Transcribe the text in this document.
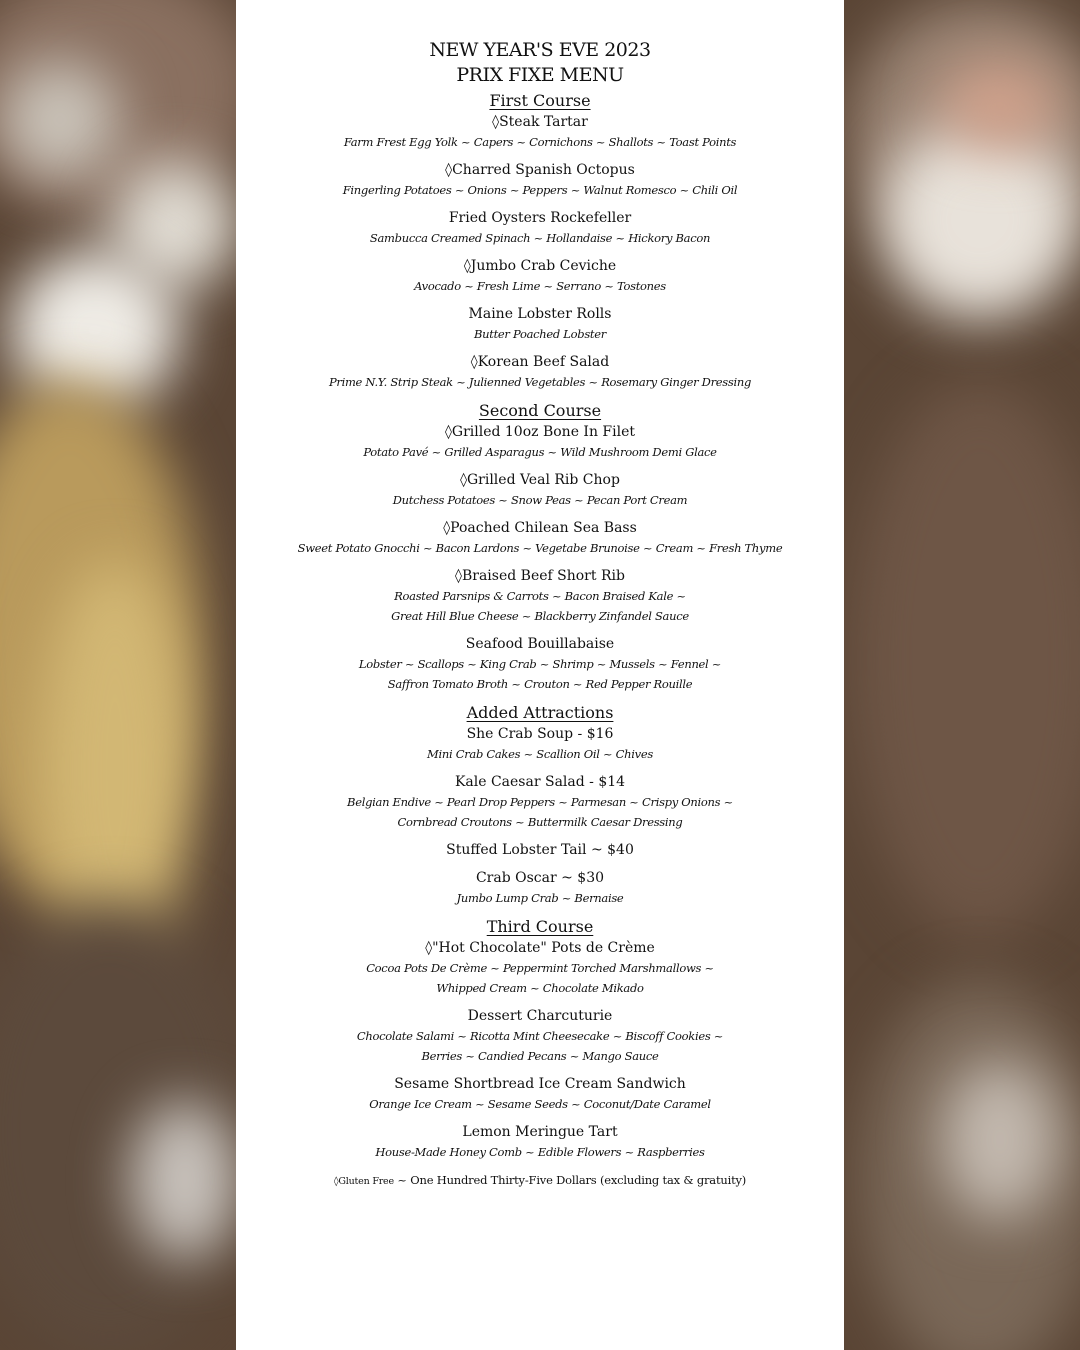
NEW YEAR'S EVE 2023
PRIX FIXE MENU
First Course
◊Steak Tartar
Farm Frest Egg Yolk ~ Capers ~ Cornichons ~ Shallots ~ Toast Points
◊Charred Spanish Octopus
Fingerling Potatoes ~ Onions ~ Peppers ~ Walnut Romesco ~ Chili Oil
Fried Oysters Rockefeller
Sambucca Creamed Spinach ~ Hollandaise ~ Hickory Bacon
◊Jumbo Crab Ceviche
Avocado ~ Fresh Lime ~ Serrano ~ Tostones
Maine Lobster Rolls
Butter Poached Lobster
◊Korean Beef Salad
Prime N.Y. Strip Steak ~ Julienned Vegetables ~ Rosemary Ginger Dressing
Second Course
◊Grilled 10oz Bone In Filet
Potato Pavé ~ Grilled Asparagus ~ Wild Mushroom Demi Glace
◊Grilled Veal Rib Chop
Dutchess Potatoes ~ Snow Peas ~ Pecan Port Cream
◊Poached Chilean Sea Bass
Sweet Potato Gnocchi ~ Bacon Lardons ~ Vegetabe Brunoise ~ Cream ~ Fresh Thyme
◊Braised Beef Short Rib
Roasted Parsnips & Carrots ~ Bacon Braised Kale ~
Great Hill Blue Cheese ~ Blackberry Zinfandel Sauce
Seafood Bouillabaise
Lobster ~ Scallops ~ King Crab ~ Shrimp ~ Mussels ~ Fennel ~
Saffron Tomato Broth ~ Crouton ~ Red Pepper Rouille
Added Attractions
She Crab Soup - $16
Mini Crab Cakes ~ Scallion Oil ~ Chives
Kale Caesar Salad - $14
Belgian Endive ~ Pearl Drop Peppers ~ Parmesan ~ Crispy Onions ~
Cornbread Croutons ~ Buttermilk Caesar Dressing
Stuffed Lobster Tail ~ $40
Crab Oscar ~ $30
Jumbo Lump Crab ~ Bernaise
Third Course
◊"Hot Chocolate" Pots de Crème
Cocoa Pots De Crème ~ Peppermint Torched Marshmallows ~
Whipped Cream ~ Chocolate Mikado
Dessert Charcuturie
Chocolate Salami ~ Ricotta Mint Cheesecake ~ Biscoff Cookies ~
Berries ~ Candied Pecans ~ Mango Sauce
Sesame Shortbread Ice Cream Sandwich
Orange Ice Cream ~ Sesame Seeds ~ Coconut/Date Caramel
Lemon Meringue Tart
House-Made Honey Comb ~ Edible Flowers ~ Raspberries
◊Gluten Free ~ One Hundred Thirty-Five Dollars (excluding tax & gratuity)
